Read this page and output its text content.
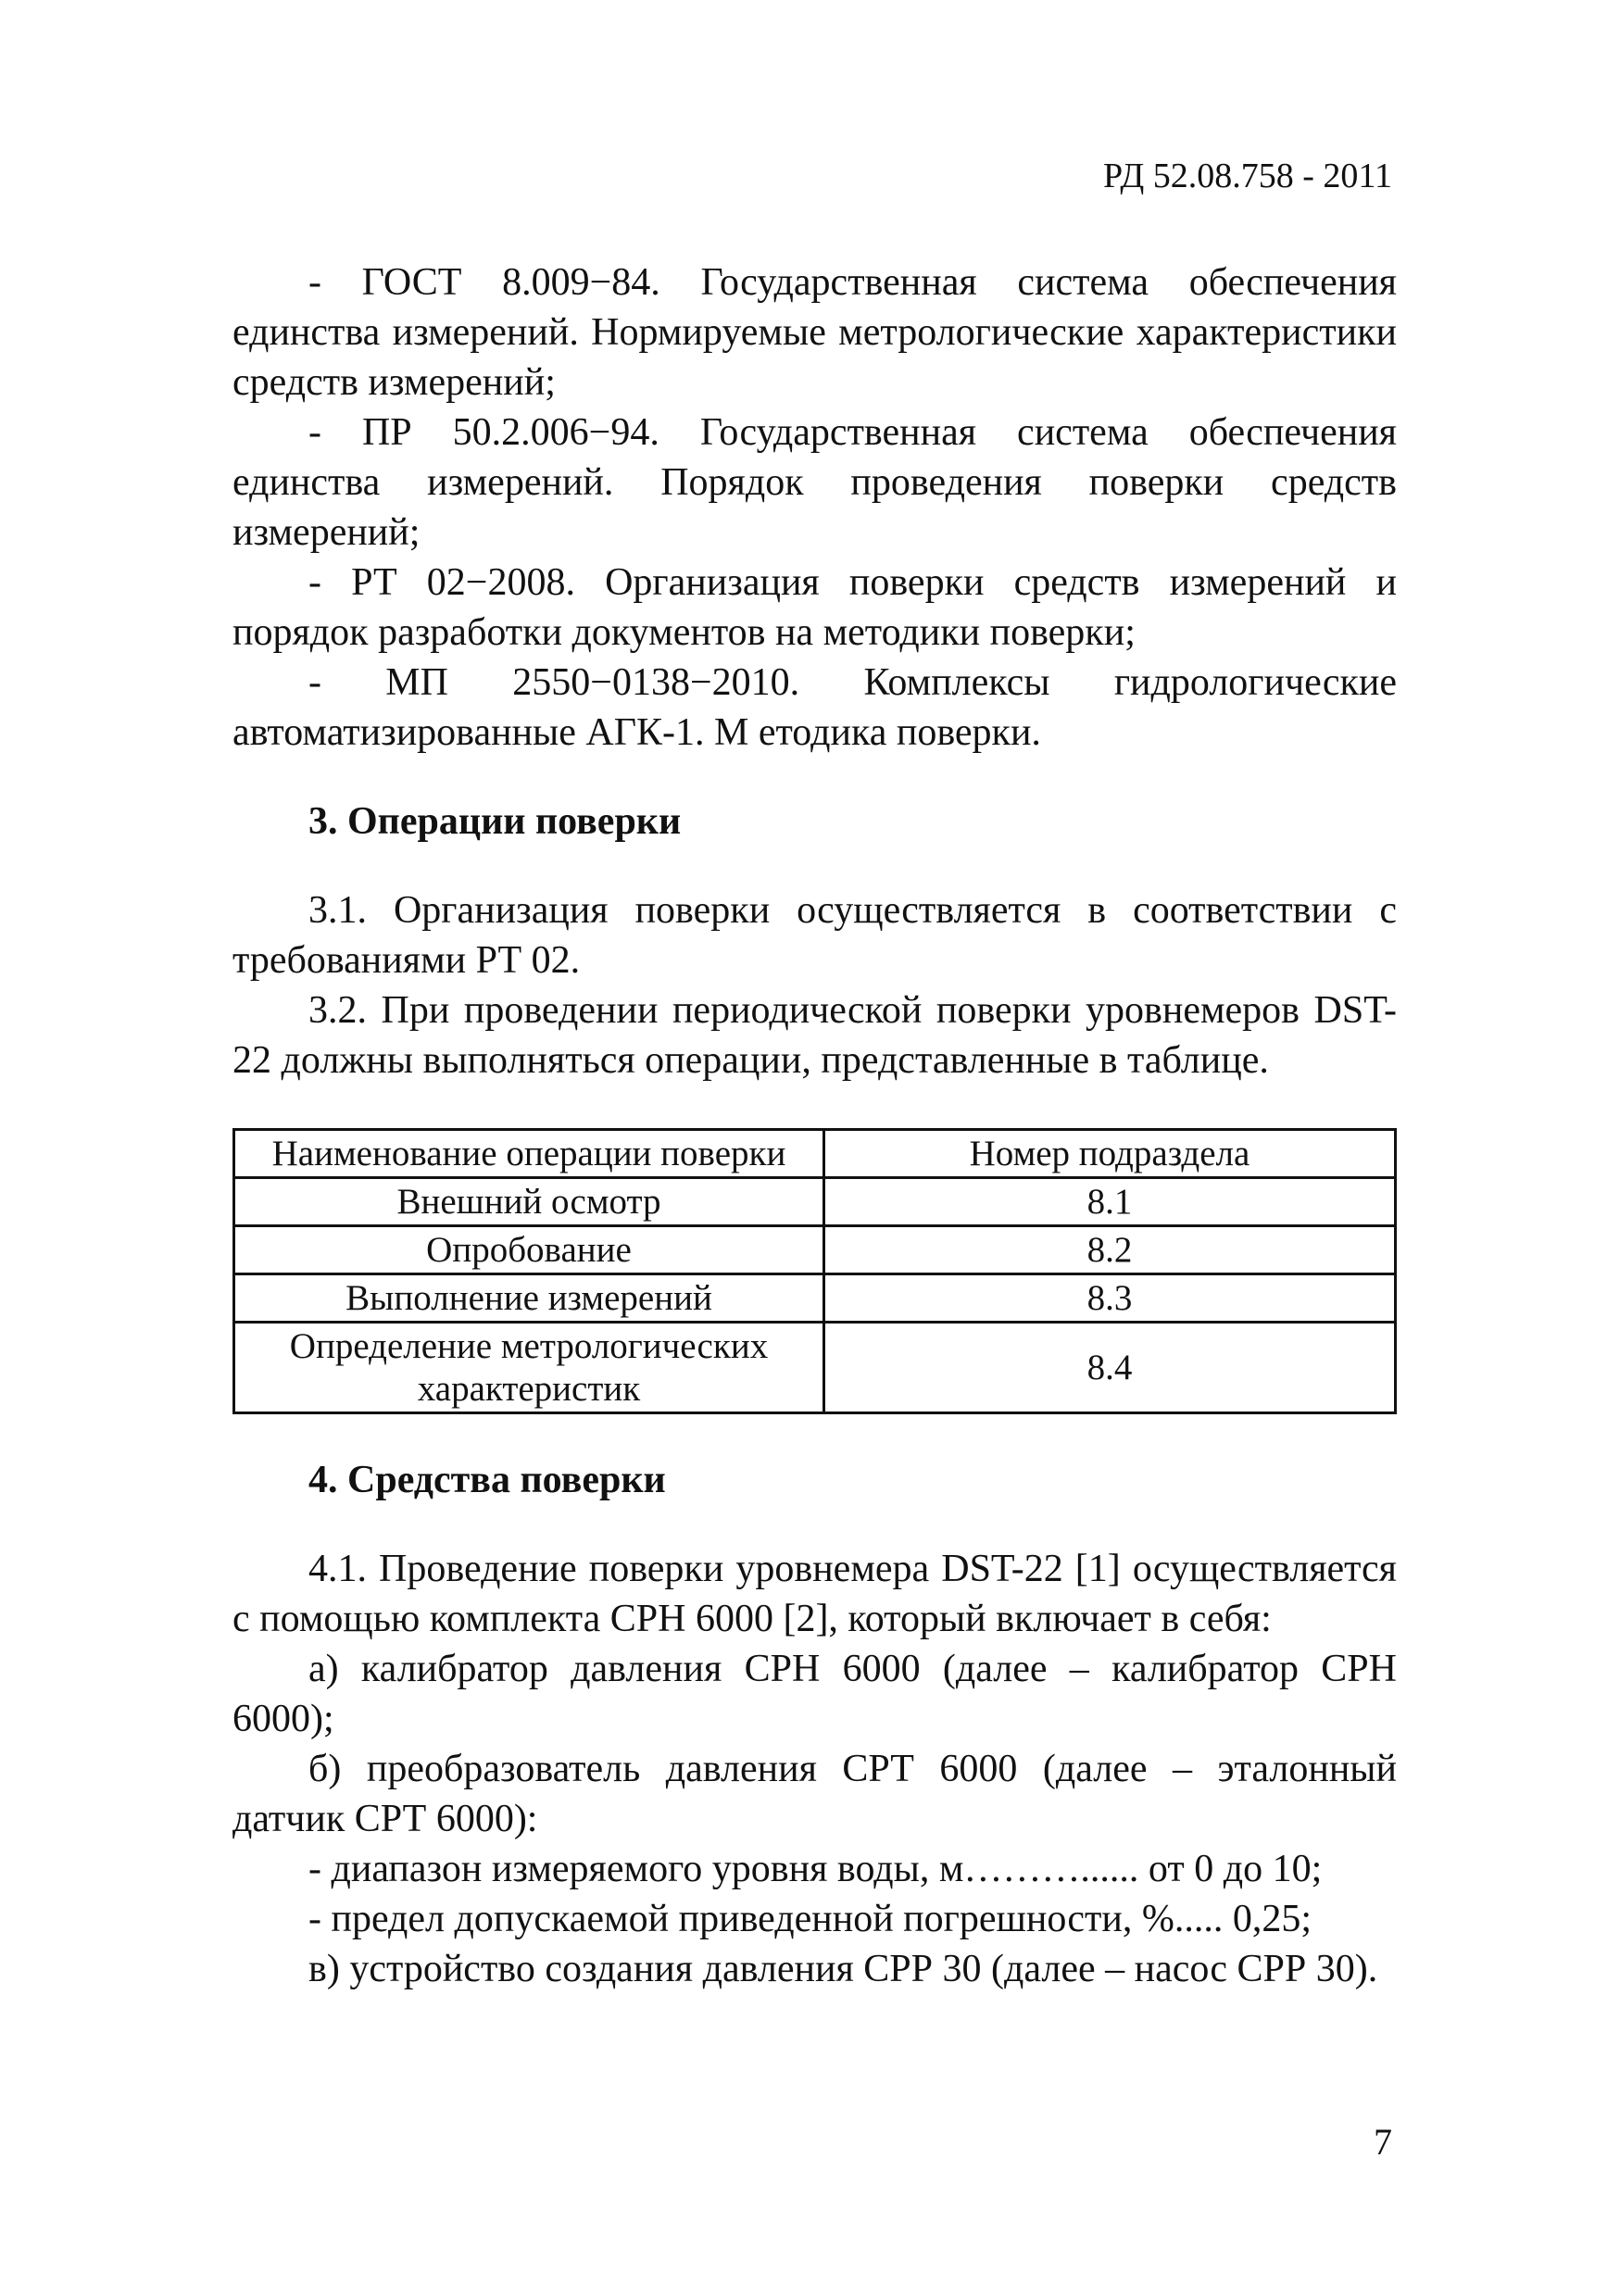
РД 52.08.758 - 2011

- ГОСТ 8.009−84. Государственная система обеспечения единства измерений. Нормируемые метрологические характеристики средств измерений;

- ПР 50.2.006−94. Государственная система обеспечения единства измерений. Порядок проведения поверки средств измерений;

- РТ 02−2008. Организация поверки средств измерений и порядок разработки документов на методики поверки;

- МП 2550−0138−2010. Комплексы гидрологические автоматизированные АГК-1. М етодика поверки.

3. Операции поверки

3.1. Организация поверки осуществляется в соответствии с требованиями РТ 02.

3.2. При проведении периодической поверки уровнемеров DST-22 должны выполняться операции, представленные в таблице.

Наименование операции поверки	Номер подраздела
Внешний осмотр	8.1
Опробование	8.2
Выполнение измерений	8.3

Определение метрологических
характеристик	8.4

4. Средства поверки

4.1. Проведение поверки уровнемера DST-22 [1] осуществляется с помощью комплекта СРН 6000 [2], который включает в себя:

а) калибратор давления СРН 6000 (далее – калибратор СРН 6000);

б) преобразователь давления СРТ 6000 (далее – эталонный датчик СРТ 6000):

- диапазон измеряемого уровня воды, м………...... от 0 до 10;

- предел допускаемой приведенной погрешности, %..... 0,25;

в) устройство создания давления СРР 30 (далее – насос СРР 30).

7
